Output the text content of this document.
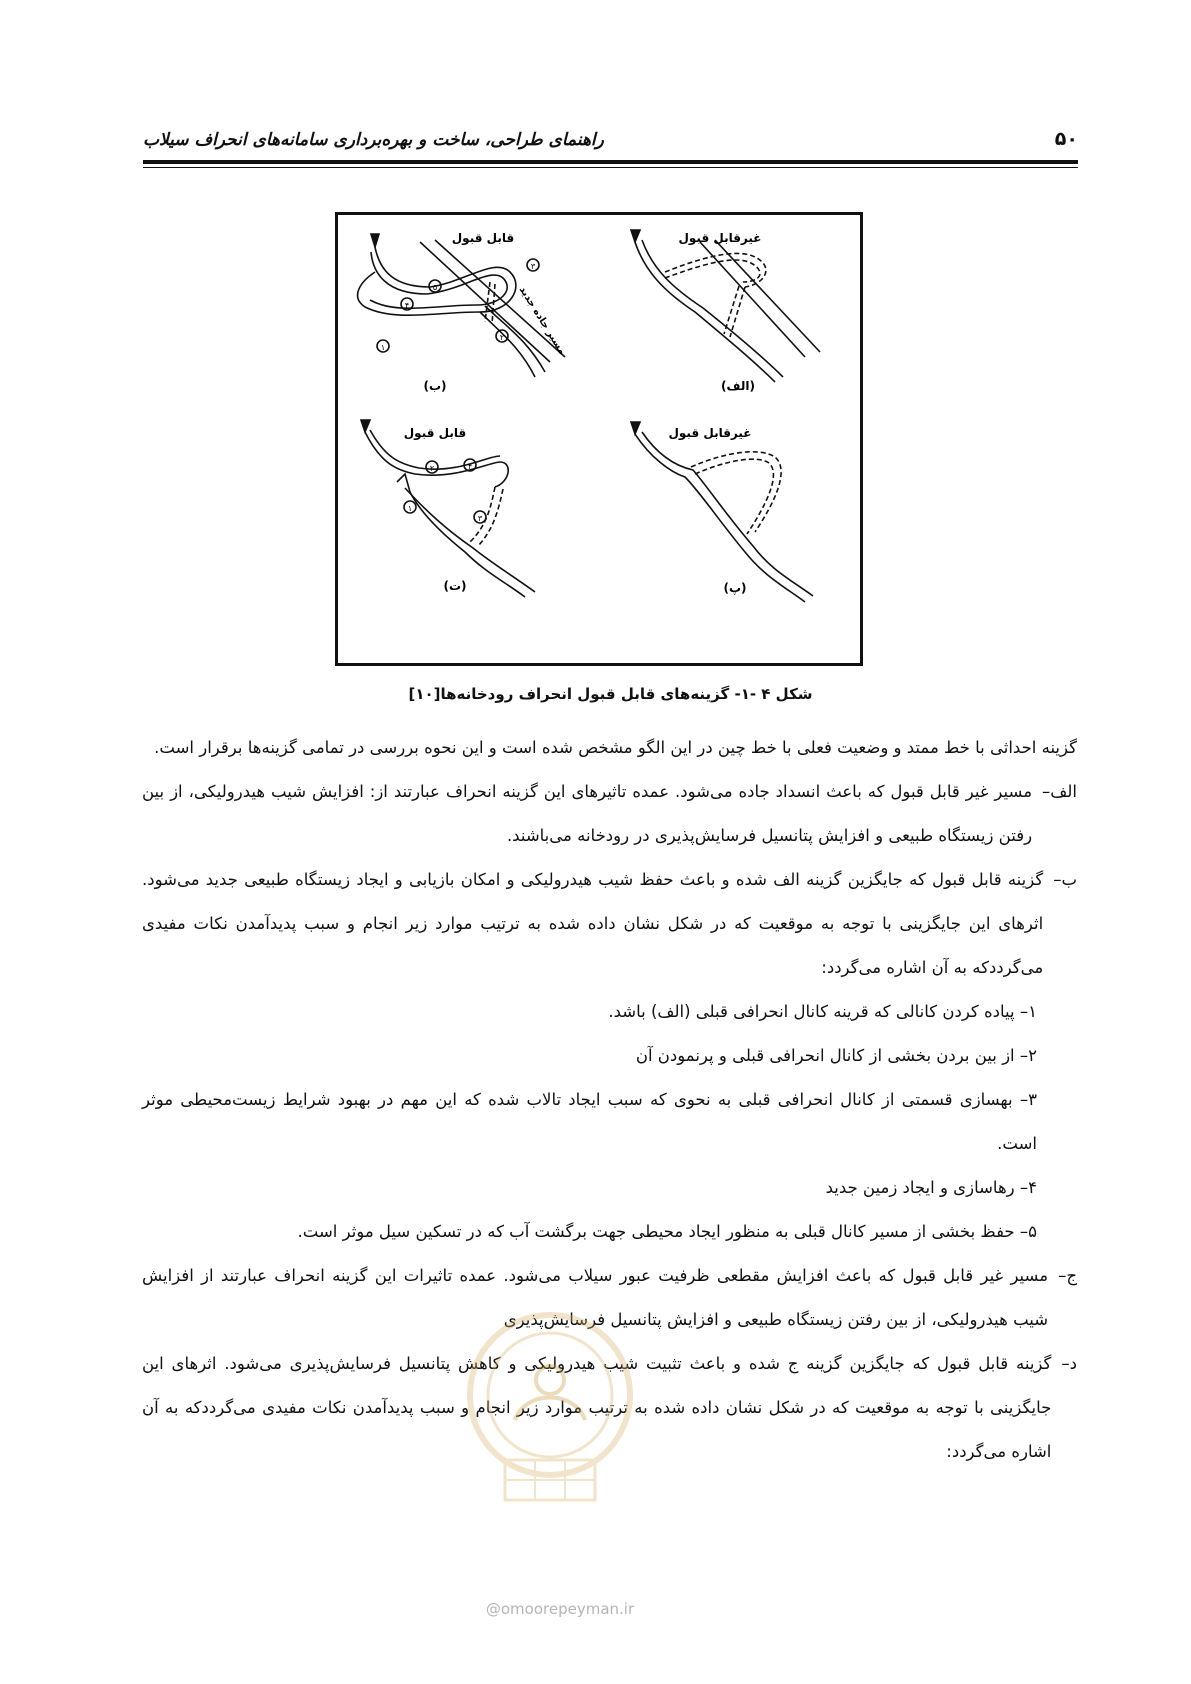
۵۰
راهنمای طراحی، ساخت و بهره‌برداری سامانه‌های انحراف سیلاب
قابل قبول
مسیر جاده جدید
(ب)
۱
۲
۳
۴
۵
غیرقابل قبول
(الف)
قابل قبول
(ت)
۱
۲
۳
۴
غیرقابل قبول
(پ)
شکل ۴ -۱- گزینه‌های قابل قبول انحراف رودخانه‌ها[۱۰]

گزینه احداثی با خط ممتد و وضعیت فعلی با خط چین در این الگو مشخص شده است و این نحوه بررسی در تمامی گزینه‌ها برقرار است.

الف–
مسیر غیر قابل قبول که باعث انسداد جاده می‌شود. عمده تاثیرهای این گزینه انحراف عبارتند از: افزایش شیب هیدرولیکی، از بین رفتن زیستگاه طبیعی و افزایش پتانسیل فرسایش‌پذیری در رودخانه می‌باشند.
ب–
گزینه قابل قبول که جایگزین گزینه الف شده و باعث حفظ شیب هیدرولیکی و امکان بازیابی و ایجاد زیستگاه طبیعی جدید می‌شود. اثرهای این جایگزینی با توجه به موقعیت که در شکل نشان داده شده به ترتیب موارد زیر انجام و سبب پدیدآمدن نکات مفیدی می‌گرددکه به آن اشاره می‌گردد:

۱– پیاده کردن کانالی که قرینه کانال انحرافی قبلی (الف) باشد.

۲– از بین بردن بخشی از کانال انحرافی قبلی و پرنمودن آن

۳– بهسازی قسمتی از کانال انحرافی قبلی به نحوی که سبب ایجاد تالاب شده که این مهم در بهبود شرایط زیست‌محیطی موثر است.

۴– رهاسازی و ایجاد زمین جدید

۵– حفظ بخشی از مسیر کانال قبلی به منظور ایجاد محیطی جهت برگشت آب که در تسکین سیل موثر است.

ج–
مسیر غیر قابل قبول که باعث افزایش مقطعی ظرفیت عبور سیلاب می‌شود. عمده تاثیرات این گزینه انحراف عبارتند از افزایش شیب هیدرولیکی، از بین رفتن زیستگاه طبیعی و افزایش پتانسیل فرسایش‌پذیری
د–
گزینه قابل قبول که جایگزین گزینه ج شده و باعث تثبیت شیب هیدرولیکی و کاهش پتانسیل فرسایش‌پذیری می‌شود. اثرهای این جایگزینی با توجه به موقعیت که در شکل نشان داده شده به ترتیب موارد زیر انجام و سبب پدیدآمدن نکات مفیدی می‌گرددکه به آن اشاره می‌گردد:
@omoorepeyman.ir
